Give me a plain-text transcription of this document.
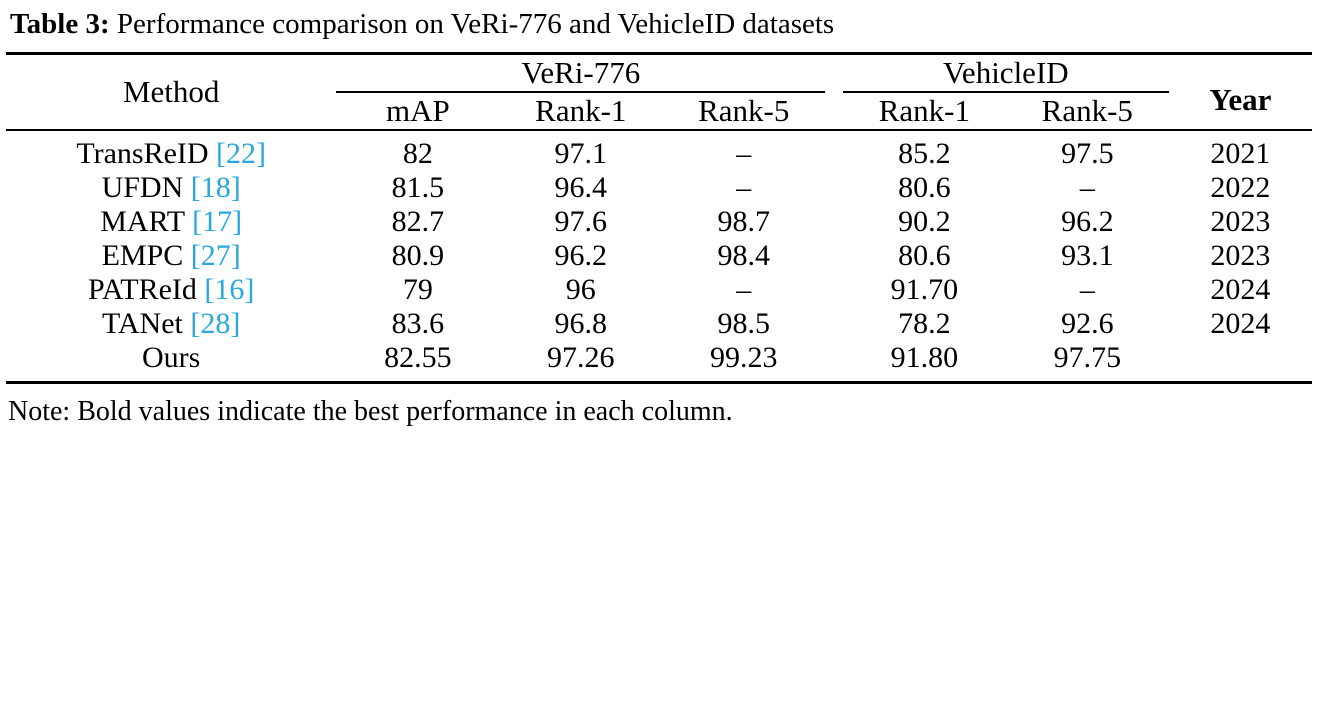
Table 3: Performance comparison on VeRi-776 and VehicleID datasets

Method	VeRi-776				VehicleID		Year
	mAP	Rank-1	Rank-5		Rank-1	Rank-5	

TransReID [22]	82	97.1	–		85.2	97.5	2021
UFDN [18]	81.5	96.4	–		80.6	–	2022
MART [17]	82.7	97.6	98.7		90.2	96.2	2023
EMPC [27]	80.9	96.2	98.4		80.6	93.1	2023
PATReId [16]	79	96	–		91.70	–	2024
TANet [28]	83.6	96.8	98.5		78.2	92.6	2024
Ours	82.55	97.26	99.23		91.80	97.75	

Note: Bold values indicate the best performance in each column.
